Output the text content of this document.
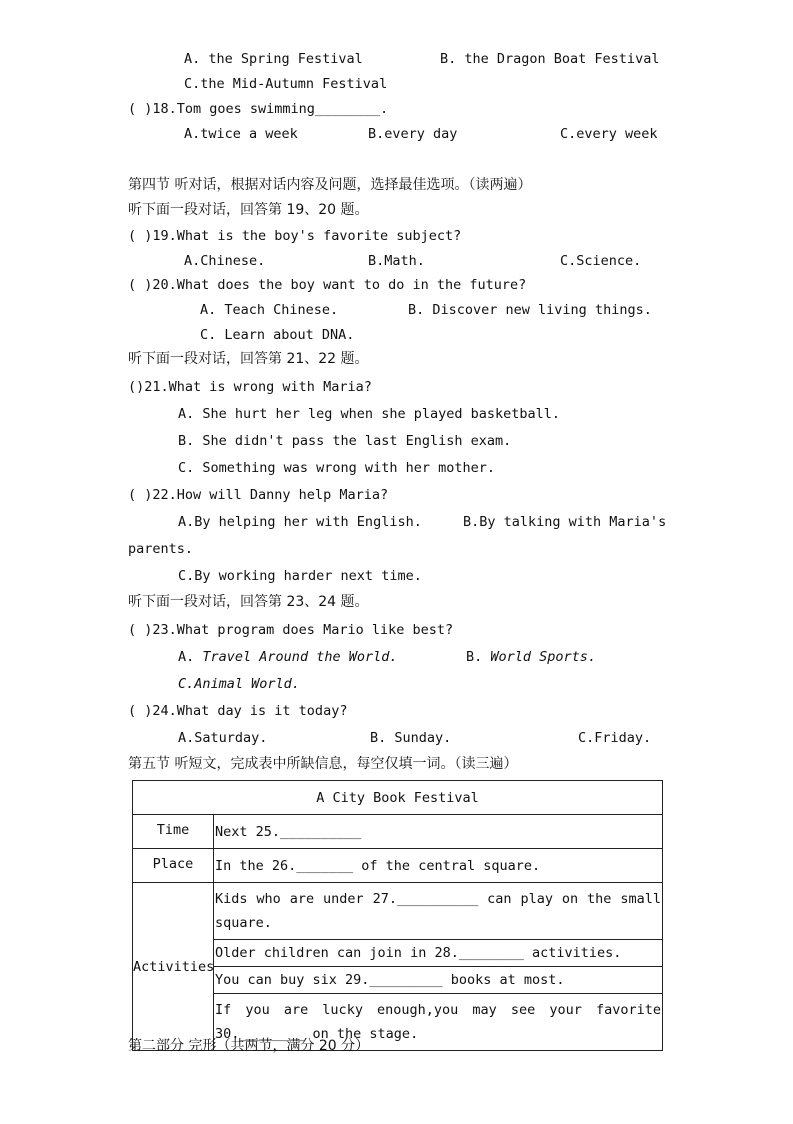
A. the Spring Festival	B. the Dragon Boat Festival
C.the Mid-Autumn Festival
( )18.Tom goes swimming________.
A.twice a week	B.every day	C.every week
第四节 听对话，根据对话内容及问题，选择最佳选项。（读两遍）
听下面一段对话，回答第 19、20 题。
( )19.What is the boy's favorite subject?
A.Chinese.	B.Math.	C.Science.
( )20.What does the boy want to do in the future?
A. Teach Chinese.	B. Discover new living things.
C. Learn about DNA.
听下面一段对话，回答第 21、22 题。
()21.What is wrong with Maria?
A. She hurt her leg when she played basketball.
B. She didn't pass the last English exam.
C. Something was wrong with her mother.
( )22.How will Danny help Maria?
A.By helping her with English.	B.By talking with Maria's
parents.
C.By working harder next time.
听下面一段对话，回答第 23、24 题。
( )23.What program does Mario like best?
A. Travel Around the World.	B. World Sports.
C.Animal World.
( )24.What day is it today?
A.Saturday.	B. Sunday.	C.Friday.
第五节 听短文，完成表中所缺信息，每空仅填一词。（读三遍）
A City Book Festival	
Time	Next 25.__________
Place	In the 26._______ of the central square.
Activities	Kids who are under 27.__________ can play on the small square.
	Older children can join in 28.________ activities.
	You can buy six 29._________ books at most.
	If you are lucky enough,you may see your favorite 30.________ on the stage.
第二部分 完形（共两节，满分 20 分）
